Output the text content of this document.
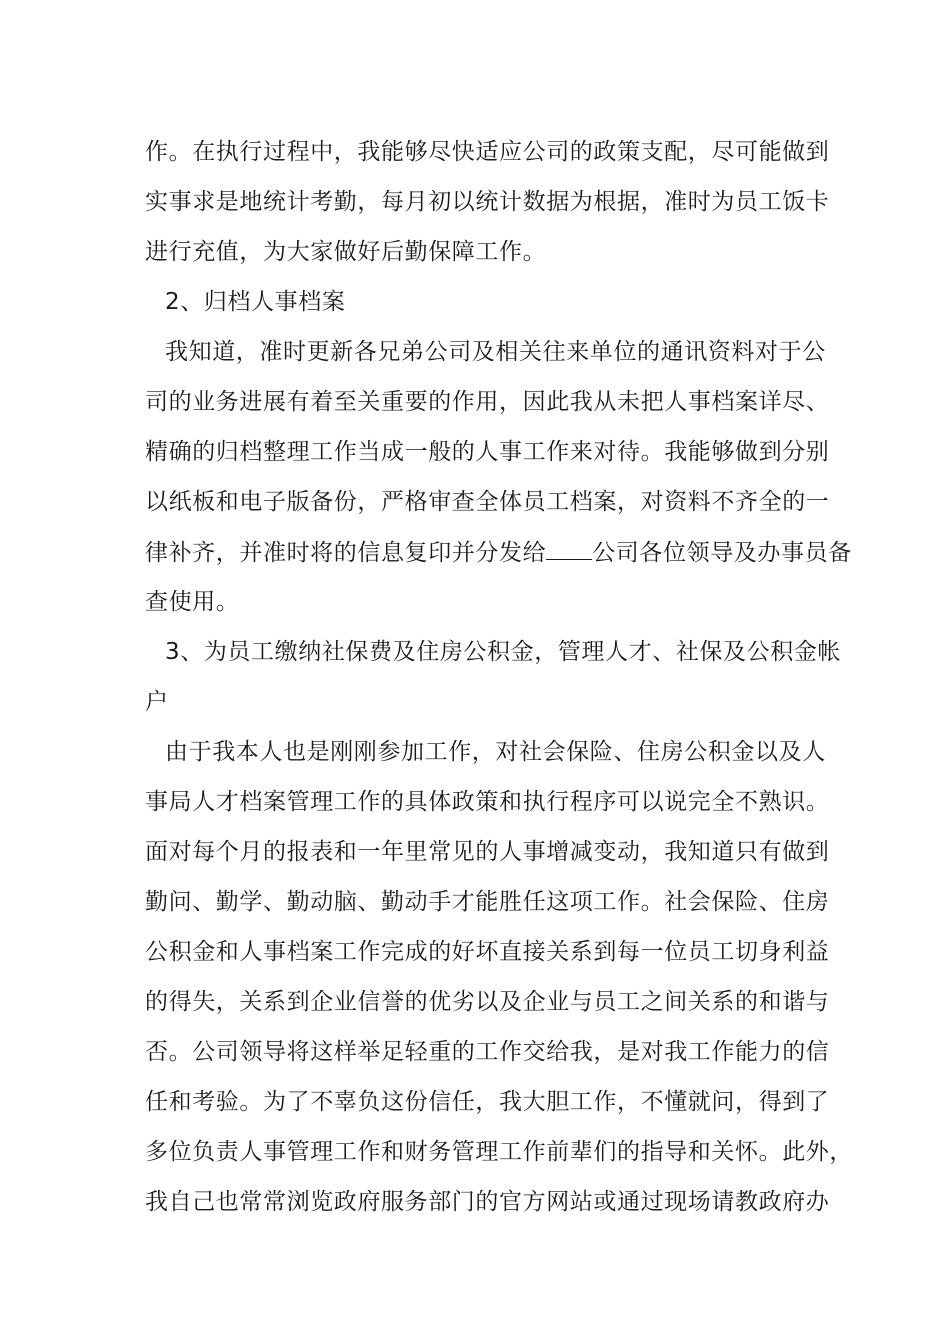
作。在执行过程中，我能够尽快适应公司的政策支配，尽可能做到
实事求是地统计考勤，每月初以统计数据为根据，准时为员工饭卡
进行充值，为大家做好后勤保障工作。
2、归档人事档案
我知道，准时更新各兄弟公司及相关往来单位的通讯资料对于公
司的业务进展有着至关重要的作用，因此我从未把人事档案详尽、
精确的归档整理工作当成一般的人事工作来对待。我能够做到分别
以纸板和电子版备份，严格审查全体员工档案，对资料不齐全的一
律补齐，并准时将的信息复印并分发给 公司各位领导及办事员备
查使用。
3、为员工缴纳社保费及住房公积金，管理人才、社保及公积金帐
户
由于我本人也是刚刚参加工作，对社会保险、住房公积金以及人
事局人才档案管理工作的具体政策和执行程序可以说完全不熟识。
面对每个月的报表和一年里常见的人事增减变动，我知道只有做到
勤问、勤学、勤动脑、勤动手才能胜任这项工作。社会保险、住房
公积金和人事档案工作完成的好坏直接关系到每一位员工切身利益
的得失，关系到企业信誉的优劣以及企业与员工之间关系的和谐与
否。公司领导将这样举足轻重的工作交给我，是对我工作能力的信
任和考验。为了不辜负这份信任，我大胆工作，不懂就问，得到了
多位负责人事管理工作和财务管理工作前辈们的指导和关怀。此外，
我自己也常常浏览政府服务部门的官方网站或通过现场请教政府办
